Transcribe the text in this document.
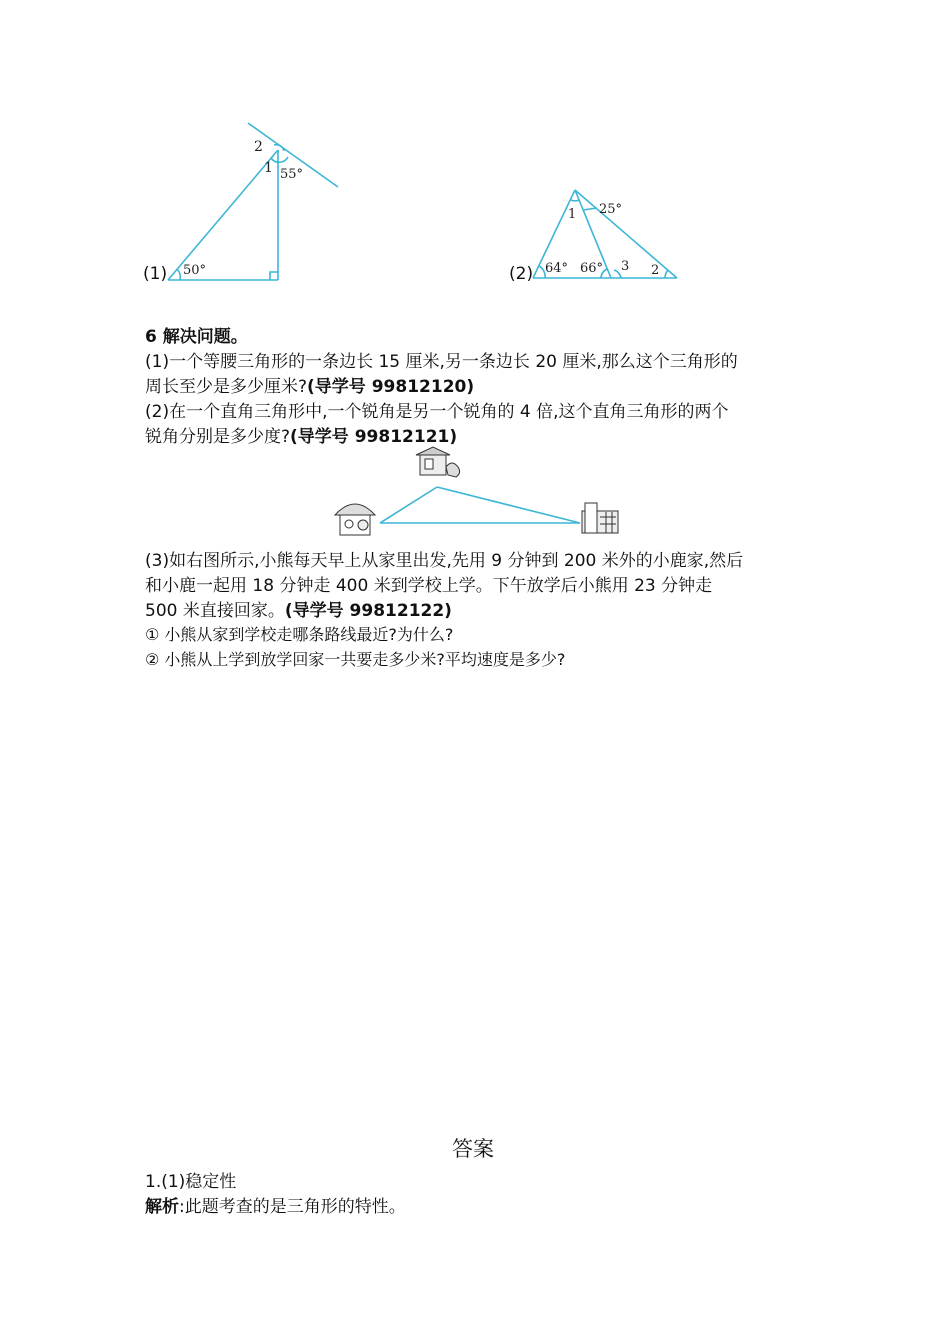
(1) 50°
55°
1
2
(2)
25°
1
64° 66° 3 2
6 解决问题。
(1)一个等腰三角形的一条边长 15 厘米,另一条边长 20 厘米,那么这个三角形的
周长至少是多少厘米?(导学号 99812120)
(2)在一个直角三角形中,一个锐角是另一个锐角的 4 倍,这个直角三角形的两个
锐角分别是多少度?(导学号 99812121)
(3)如右图所示,小熊每天早上从家里出发,先用 9 分钟到 200 米外的小鹿家,然后
和小鹿一起用 18 分钟走 400 米到学校上学。下午放学后小熊用 23 分钟走
500 米直接回家。(导学号 99812122)
① 小熊从家到学校走哪条路线最近?为什么?
② 小熊从上学到放学回家一共要走多少米?平均速度是多少?
答案
1.(1)稳定性
解析:此题考查的是三角形的特性。
